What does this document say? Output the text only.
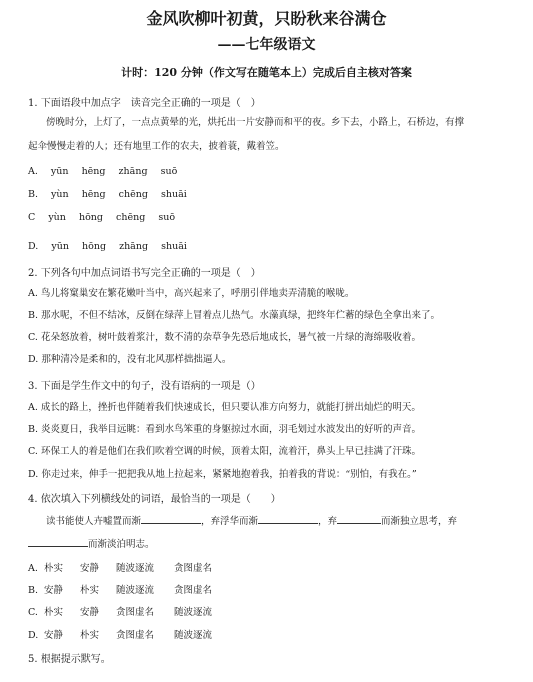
金风吹柳叶初黄，只盼秋来谷满仓
——七年级语文
计时：120 分钟（作文写在随笔本上）完成后自主核对答案
1. 下面语段中加点字　读音完全正确的一项是（　）
傍晚时分，上灯了，一点点黄晕的光，烘托出一片安静而和平的夜。乡下去，小路上，石桥边，有撑
起伞慢慢走着的人；还有地里工作的农夫，披着蓑，戴着笠。
A. yūn hēng zhāng suō
B. yùn hēng chēng shuāi
C yùn hōng chēng suō
D. yūn hōng zhāng shuāi
2. 下列各句中加点词语书写完全正确的一项是（　）
A. 鸟儿将窠巢安在繁花嫩叶当中，高兴起来了，呼朋引伴地卖弄清脆的喉咙。
B. 那水呢，不但不结冰，反倒在绿萍上冒着点儿热气。水藻真绿，把终年伫蓄的绿色全拿出来了。
C. 花朵怒放着，树叶鼓着浆汁，数不清的杂草争先恐后地成长，暑气被一片绿的海绵吸收着。
D. 那种清冷是柔和的，没有北风那样拙拙逼人。
3. 下面是学生作文中的句子，没有语病的一项是（）
A. 成长的路上，挫折也伴随着我们快速成长，但只要认准方向努力，就能打拼出灿烂的明天。
B. 炎炎夏日，我举目远眺：看到水鸟笨重的身躯掠过水面，羽毛划过水波发出的好听的声音。
C. 环保工人的着是他们在我们吹着空调的时候，顶着太阳，流着汗，鼻头上早已挂满了汗珠。
D. 你走过来，伸手一把把我从地上拉起来，紧紧地抱着我，拍着我的背说：“别怕，有我在。”
4. 依次填入下列横线处的词语，最恰当的一项是（　　）
读书能使人卉嘘置而渐	，弃浮华而渐	，弃	而渐独立思考，弃
而渐淡泊明志。
A. 朴实 安静 随波逐流 贪图虚名
B. 安静 朴实 随波逐流 贪图虚名
C. 朴实 安静 贪图虚名 随波逐流
D. 安静 朴实 贪图虚名 随波逐流
5. 根据提示默写。
